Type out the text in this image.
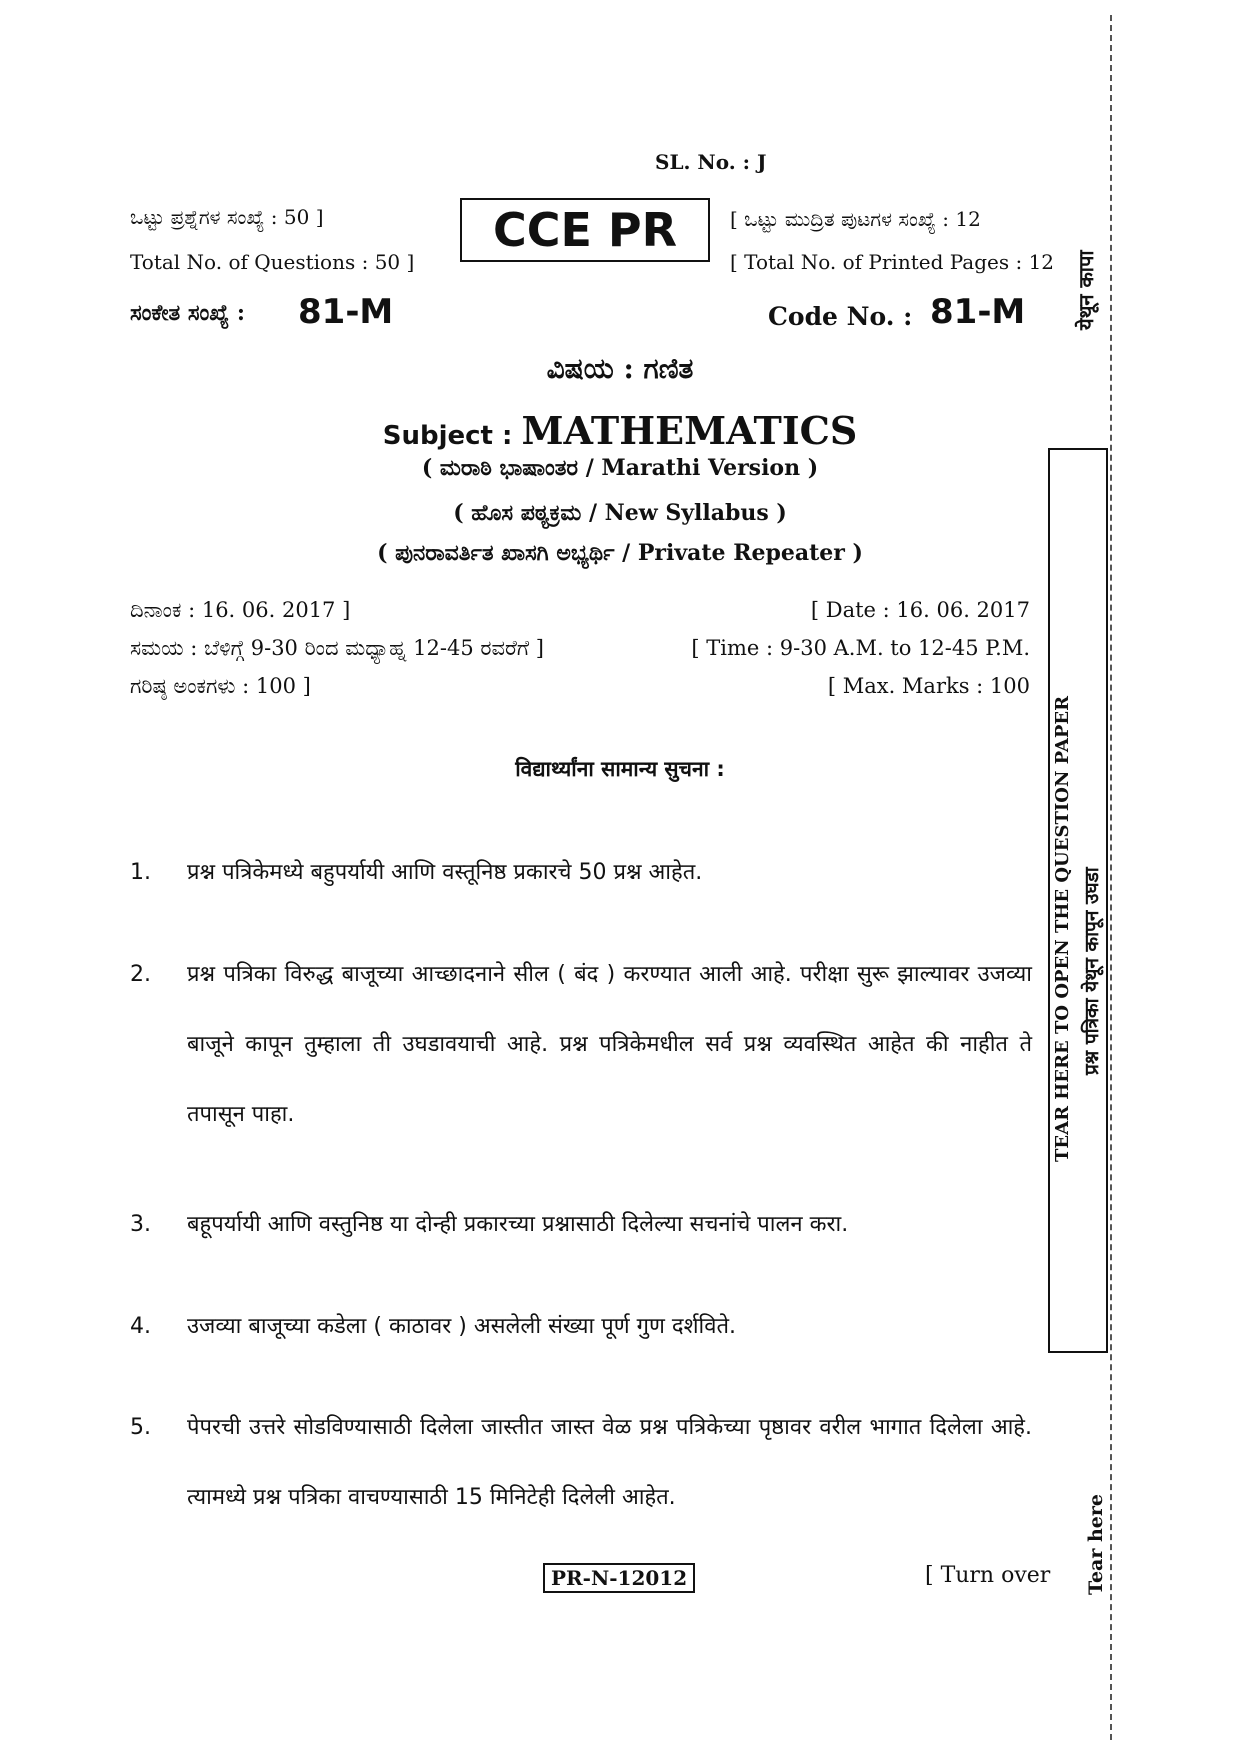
SL. No. : J
ಒಟ್ಟು ಪ್ರಶ್ನೆಗಳ ಸಂಖ್ಯೆ : 50 ]
Total No. of Questions : 50 ]
CCE PR	[ ಒಟ್ಟು ಮುದ್ರಿತ ಪುಟಗಳ ಸಂಖ್ಯೆ : 12
[ Total No. of Printed Pages : 12
ಸಂಕೇತ ಸಂಖ್ಯೆ : 81-M	Code No. : 81-M
ವಿಷಯ : ಗಣಿತ
Subject : MATHEMATICS
( ಮರಾಠಿ ಭಾಷಾಂತರ / Marathi Version )
( ಹೊಸ ಪಠ್ಯಕ್ರಮ / New Syllabus )
( ಪುನರಾವರ್ತಿತ ಖಾಸಗಿ ಅಭ್ಯರ್ಥಿ / Private Repeater )
ದಿನಾಂಕ : 16. 06. 2017 ]	[ Date : 16. 06. 2017
ಸಮಯ : ಬೆಳಿಗ್ಗೆ 9-30 ರಿಂದ ಮಧ್ಯಾಹ್ನ 12-45 ರವರೆಗೆ ]	[ Time : 9-30 A.M. to 12-45 P.M.
ಗರಿಷ್ಠ ಅಂಕಗಳು : 100 ]	[ Max. Marks : 100
विद्यार्थ्यांना सामान्य सुचना :
1. प्रश्न पत्रिकेमध्ये बहुपर्यायी आणि वस्तूनिष्ठ प्रकारचे 50 प्रश्न आहेत.
2. प्रश्न पत्रिका विरुद्ध बाजूच्या आच्छादनाने सील ( बंद ) करण्यात आली आहे. परीक्षा सुरू झाल्यावर उजव्या बाजूने कापून तुम्हाला ती उघडावयाची आहे. प्रश्न पत्रिकेमधील सर्व प्रश्न व्यवस्थित आहेत की नाहीत ते तपासून पाहा.
3. बहूपर्यायी आणि वस्तुनिष्ठ या दोन्ही प्रकारच्या प्रश्नासाठी दिलेल्या सचनांचे पालन करा.
4. उजव्या बाजूच्या कडेला ( काठावर ) असलेली संख्या पूर्ण गुण दर्शविते.
5. पेपरची उत्तरे सोडविण्यासाठी दिलेला जास्तीत जास्त वेळ प्रश्न पत्रिकेच्या पृष्ठावर वरील भागात दिलेला आहे. त्यामध्ये प्रश्न पत्रिका वाचण्यासाठी 15 मिनिटेही दिलेली आहेत.
PR-N-12012	[ Turn over
येथून कापा
TEAR HERE TO OPEN THE QUESTION PAPER प्रश्न पत्रिका येथून कापून उघडा
Tear here
